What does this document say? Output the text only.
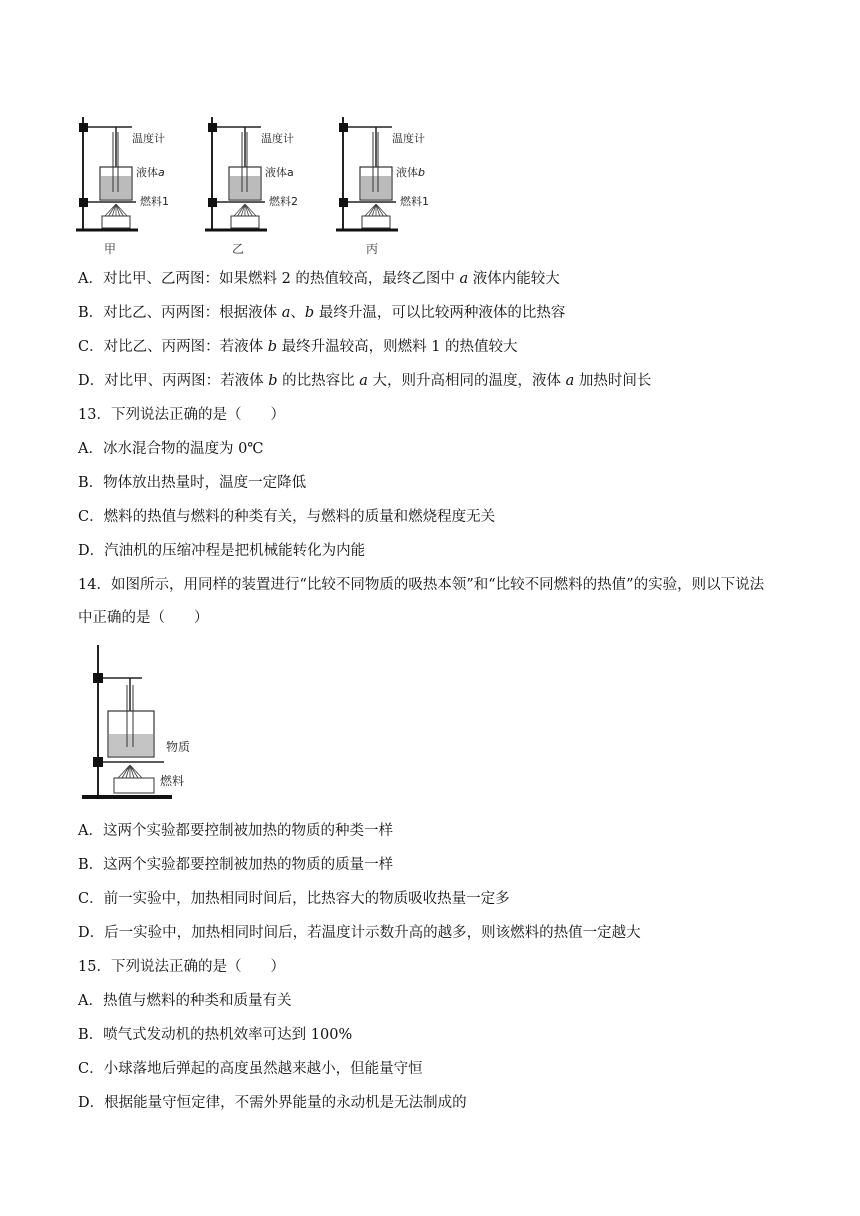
温度计
液体a
燃料1
甲
温度计
液体a
燃料2
乙
温度计
液体b
燃料1
丙
A．对比甲、乙两图：如果燃料 2 的热值较高，最终乙图中 a 液体内能较大
B．对比乙、丙两图：根据液体 a、b 最终升温，可以比较两种液体的比热容
C．对比乙、丙两图：若液体 b 最终升温较高，则燃料 1 的热值较大
D．对比甲、丙两图：若液体 b 的比热容比 a 大，则升高相同的温度，液体 a 加热时间长
13．下列说法正确的是（　　）
A．冰水混合物的温度为 0℃
B．物体放出热量时，温度一定降低
C．燃料的热值与燃料的种类有关，与燃料的质量和燃烧程度无关
D．汽油机的压缩冲程是把机械能转化为内能
14．如图所示，用同样的装置进行“比较不同物质的吸热本领”和“比较不同燃料的热值”的实验，则以下说法
中正确的是（　　）
物质
燃料
A．这两个实验都要控制被加热的物质的种类一样
B．这两个实验都要控制被加热的物质的质量一样
C．前一实验中，加热相同时间后，比热容大的物质吸收热量一定多
D．后一实验中，加热相同时间后，若温度计示数升高的越多，则该燃料的热值一定越大
15．下列说法正确的是（　　）
A．热值与燃料的种类和质量有关
B．喷气式发动机的热机效率可达到 100%
C．小球落地后弹起的高度虽然越来越小，但能量守恒
D．根据能量守恒定律，不需外界能量的永动机是无法制成的
